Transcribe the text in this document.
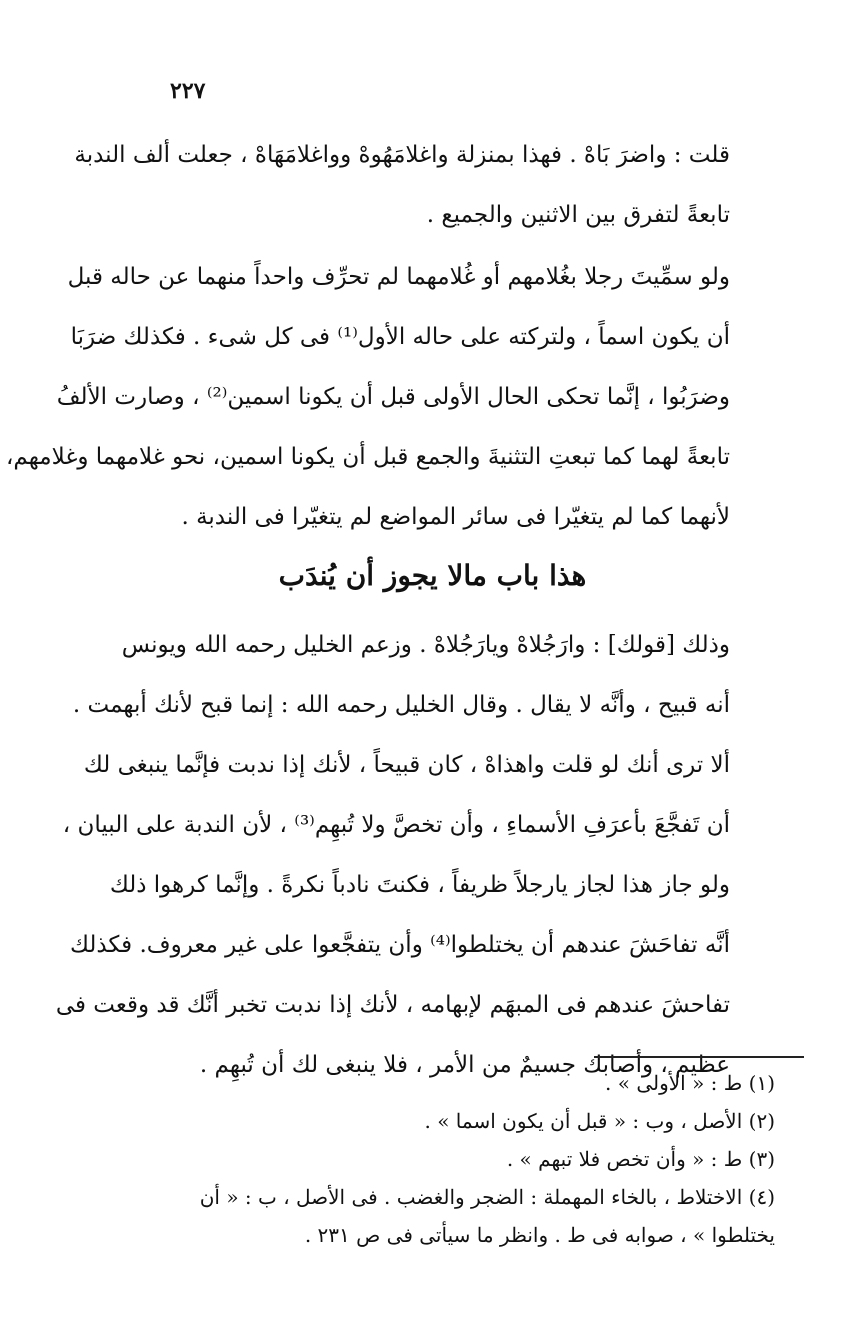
٢٢٧
قلت : واضرَ بَاهْ . فهذا بمنزلة واغلامَهُوهْ وواغلامَهَاهْ ، جعلت ألف الندبة
تابعةً لتفرق بين الاثنين والجميع .
ولو سمِّيتَ رجلا بغُلامهم أو غُلامهما لم تحرِّف واحداً منهما عن حاله قبل
أن يكون اسماً ، ولتركته على حاله الأول⁽¹⁾ فى كل شىء . فكذلك ضرَبَا
وضرَبُوا ، إنَّما تحكى الحال الأولى قبل أن يكونا اسمين⁽²⁾ ، وصارت الألفُ
تابعةً لهما كما تبعتِ التثنيةَ والجمع قبل أن يكونا اسمين، نحو غلامهما وغلامهم،
لأنهما كما لم يتغيّرا فى سائر المواضع لم يتغيّرا فى الندبة .
هذا باب مالا يجوز أن يُندَب
وذلك [قولك] : وارَجُلاهْ ويارَجُلاهْ . وزعم الخليل رحمه الله ويونس
أنه قبيح ، وأنَّه لا يقال . وقال الخليل رحمه الله : إنما قبح لأنك أبهمت .
ألا ترى أنك لو قلت واهذاهْ ، كان قبيحاً ، لأنك إذا ندبت فإنَّما ينبغى لك
أن تَفجَّعَ بأعرَفِ الأسماءِ ، وأن تخصَّ ولا تُبهِم⁽³⁾ ، لأن الندبة على البيان ،
ولو جاز هذا لجاز يارجلاً ظريفاً ، فكنتَ نادباً نكرةً . وإنَّما كرهوا ذلك
أنَّه تفاحَشَ عندهم أن يختلطوا⁽⁴⁾ وأن يتفجَّعوا على غير معروف. فكذلك
تفاحشَ عندهم فى المبهَم لإبهامه ، لأنك إذا ندبت تخبر أنَّك قد وقعت فى
عظيم ، وأصابك جسيمٌ من الأمر ، فلا ينبغى لك أن تُبهِم .
(١) ط : « الأولى » .
(٢) الأصل ، وب : « قبل أن يكون اسما » .
(٣) ط : « وأن تخص فلا تبهم » .
(٤) الاختلاط ، بالخاء المهملة : الضجر والغضب . فى الأصل ، ب : « أن
يختلطوا » ، صوابه فى ط . وانظر ما سيأتى فى ص ٢٣١ .
